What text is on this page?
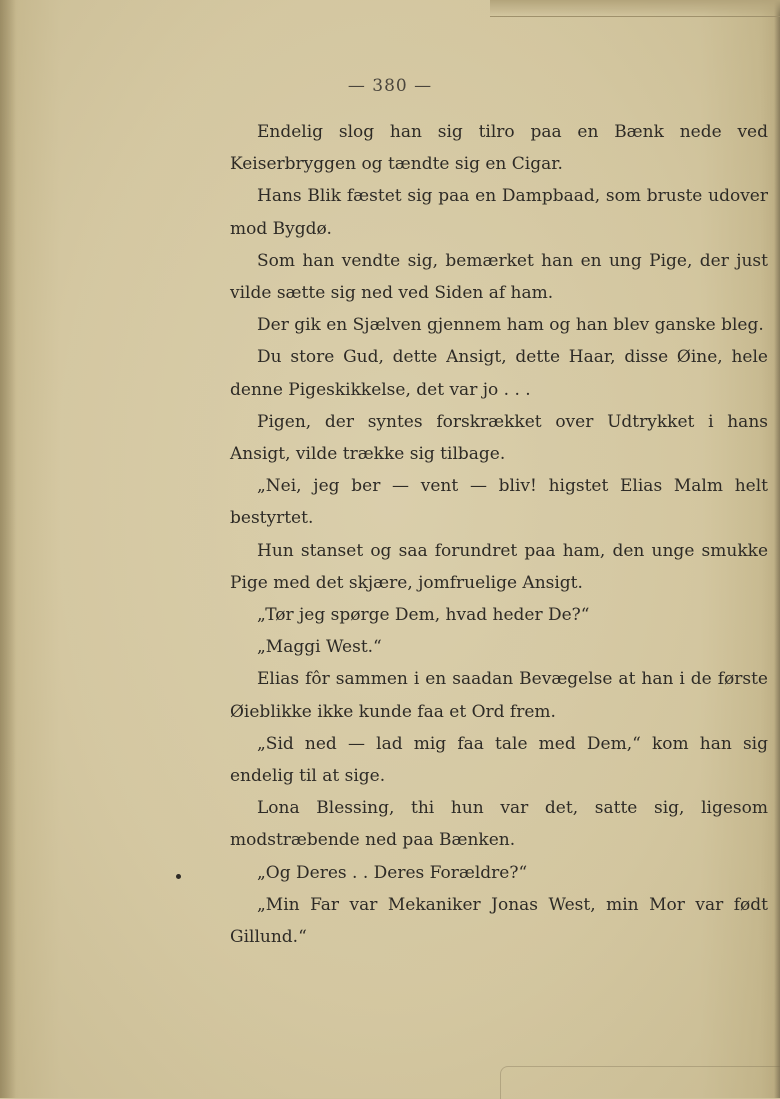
— 380 —

Endelig slog han sig tilro paa en Bænk nede ved Keiserbryggen og tændte sig en Cigar.

Hans Blik fæstet sig paa en Dampbaad, som bruste udover mod Bygdø.

Som han vendte sig, bemærket han en ung Pige, der just vilde sætte sig ned ved Siden af ham.

Der gik en Sjælven gjennem ham og han blev ganske bleg.

Du store Gud, dette Ansigt, dette Haar, disse Øine, hele denne Pigeskikkelse, det var jo . . .

Pigen, der syntes forskrækket over Udtrykket i hans Ansigt, vilde trække sig tilbage.

„Nei, jeg ber — vent — bliv! higstet Elias Malm helt bestyrtet.

Hun stanset og saa forundret paa ham, den unge smukke Pige med det skjære, jomfruelige Ansigt.

„Tør jeg spørge Dem, hvad heder De?“

„Maggi West.“

Elias fôr sammen i en saadan Bevægelse at han i de første Øieblikke ikke kunde faa et Ord frem.

„Sid ned — lad mig faa tale med Dem,“ kom han sig endelig til at sige.

Lona Blessing, thi hun var det, satte sig, ligesom modstræbende ned paa Bænken.

„Og Deres . . Deres Forældre?“

„Min Far var Mekaniker Jonas West, min Mor var født Gillund.“
